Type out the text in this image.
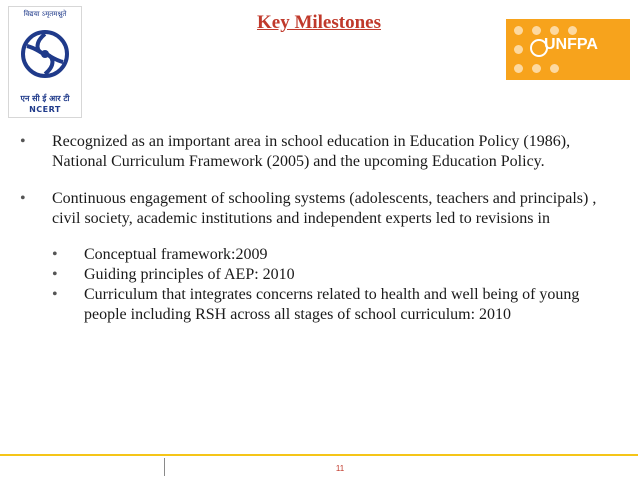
विद्यया ऽमृतमश्नुते
एन सी ई आर टी
NCERT
Key Milestones
UNFPA
•	Recognized as an important area in school education in Education Policy (1986), National Curriculum Framework (2005) and the upcoming Education Policy.
•	Continuous engagement of schooling systems (adolescents, teachers and principals) , civil society, academic institutions and independent experts led to revisions in
•	Conceptual framework:2009
•	Guiding principles of AEP: 2010
•	Curriculum that integrates concerns related to health and well being of young people including RSH across all stages of school curriculum: 2010
11
